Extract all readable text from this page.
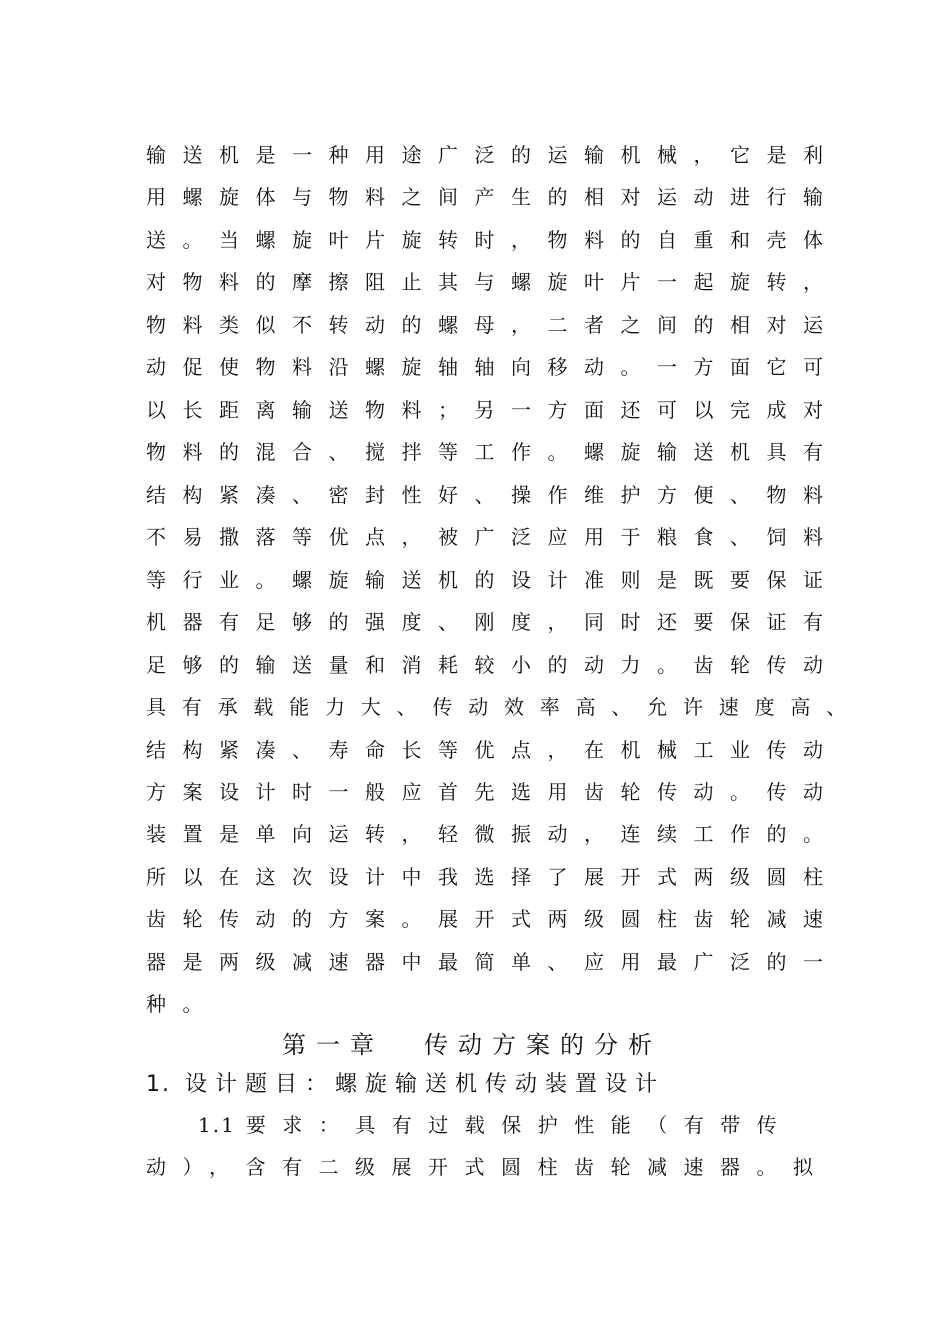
输送机是一种用途广泛的运输机械，它是利
用螺旋体与物料之间产生的相对运动进行输
送。当螺旋叶片旋转时，物料的自重和壳体
对物料的摩擦阻止其与螺旋叶片一起旋转，
物料类似不转动的螺母，二者之间的相对运
动促使物料沿螺旋轴轴向移动。一方面它可
以长距离输送物料；另一方面还可以完成对
物料的混合、搅拌等工作。螺旋输送机具有
结构紧凑、密封性好、操作维护方便、物料
不易撒落等优点，被广泛应用于粮食、饲料
等行业。螺旋输送机的设计准则是既要保证
机器有足够的强度、刚度，同时还要保证有
足够的输送量和消耗较小的动力。齿轮传动
具有承载能力大、传动效率高、允许速度高、
结构紧凑、寿命长等优点，在机械工业传动
方案设计时一般应首先选用齿轮传动。传动
装置是单向运转，轻微振动，连续工作的。
所以在这次设计中我选择了展开式两级圆柱
齿轮传动的方案。展开式两级圆柱齿轮减速
器是两级减速器中最简单、应用最广泛的一
种。
第一章 传动方案的分析
1. 设计题目：螺旋输送机传动装置设计
1.1 要求：具有过载保护性能（有带传
动），含有二级展开式圆柱齿轮减速器。拟
